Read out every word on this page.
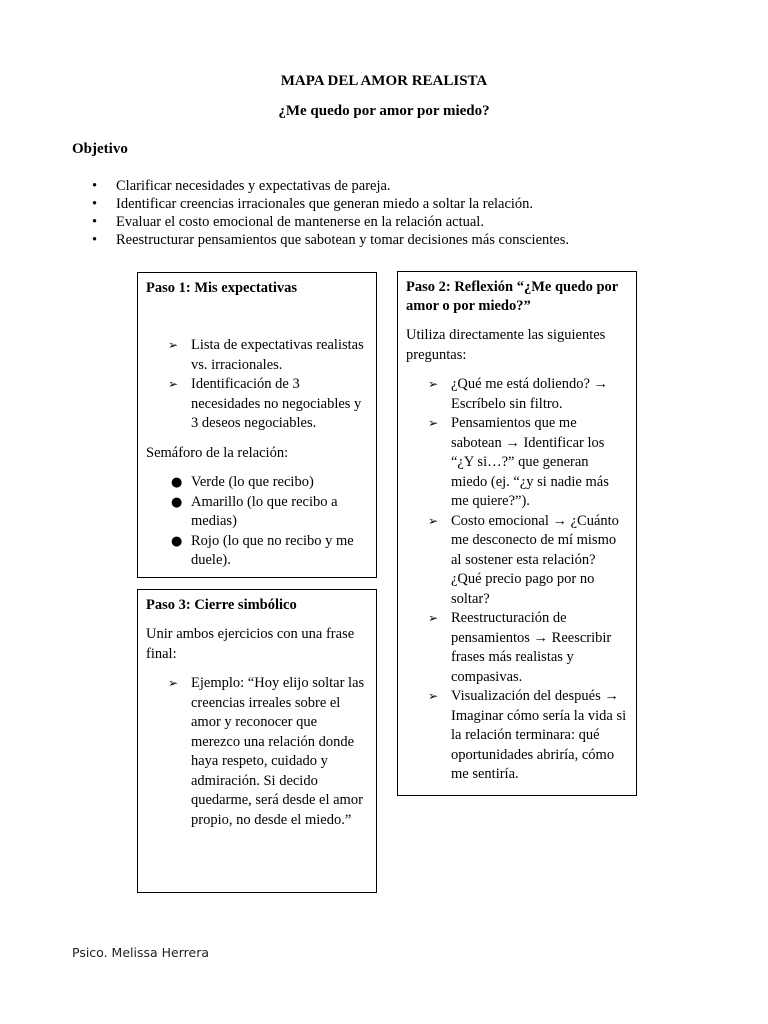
MAPA DEL AMOR REALISTA
¿Me quedo por amor por miedo?
Objetivo
• Clarificar necesidades y expectativas de pareja.
• Identificar creencias irracionales que generan miedo a soltar la relación.
• Evaluar el costo emocional de mantenerse en la relación actual.
• Reestructurar pensamientos que sabotean y tomar decisiones más conscientes.

Paso 1: Mis expectativas

➢ Lista de expectativas realistas vs. irracionales.
➢ Identificación de 3 necesidades no negociables y 3 deseos negociables.

Semáforo de la relación:

● Verde (lo que recibo)
● Amarillo (lo que recibo a medias)
● Rojo (lo que no recibo y me duele).

Paso 2: Reflexión “¿Me quedo por amor o por miedo?”

Utiliza directamente las siguientes preguntas:

➢ ¿Qué me está doliendo? → Escríbelo sin filtro.
➢ Pensamientos que me sabotean → Identificar los “¿Y si…?” que generan miedo (ej. “¿y si nadie más me quiere?”).
➢ Costo emocional → ¿Cuánto me desconecto de mí mismo al sostener esta relación? ¿Qué precio pago por no soltar?
➢ Reestructuración de pensamientos → Reescribir frases más realistas y compasivas.
➢ Visualización del después → Imaginar cómo sería la vida si la relación terminara: qué oportunidades abriría, cómo me sentiría.

Paso 3: Cierre simbólico

Unir ambos ejercicios con una frase final:

➢ Ejemplo: “Hoy elijo soltar las creencias irreales sobre el amor y reconocer que merezco una relación donde haya respeto, cuidado y admiración. Si decido quedarme, será desde el amor propio, no desde el miedo.”

Psico. Melissa Herrera
